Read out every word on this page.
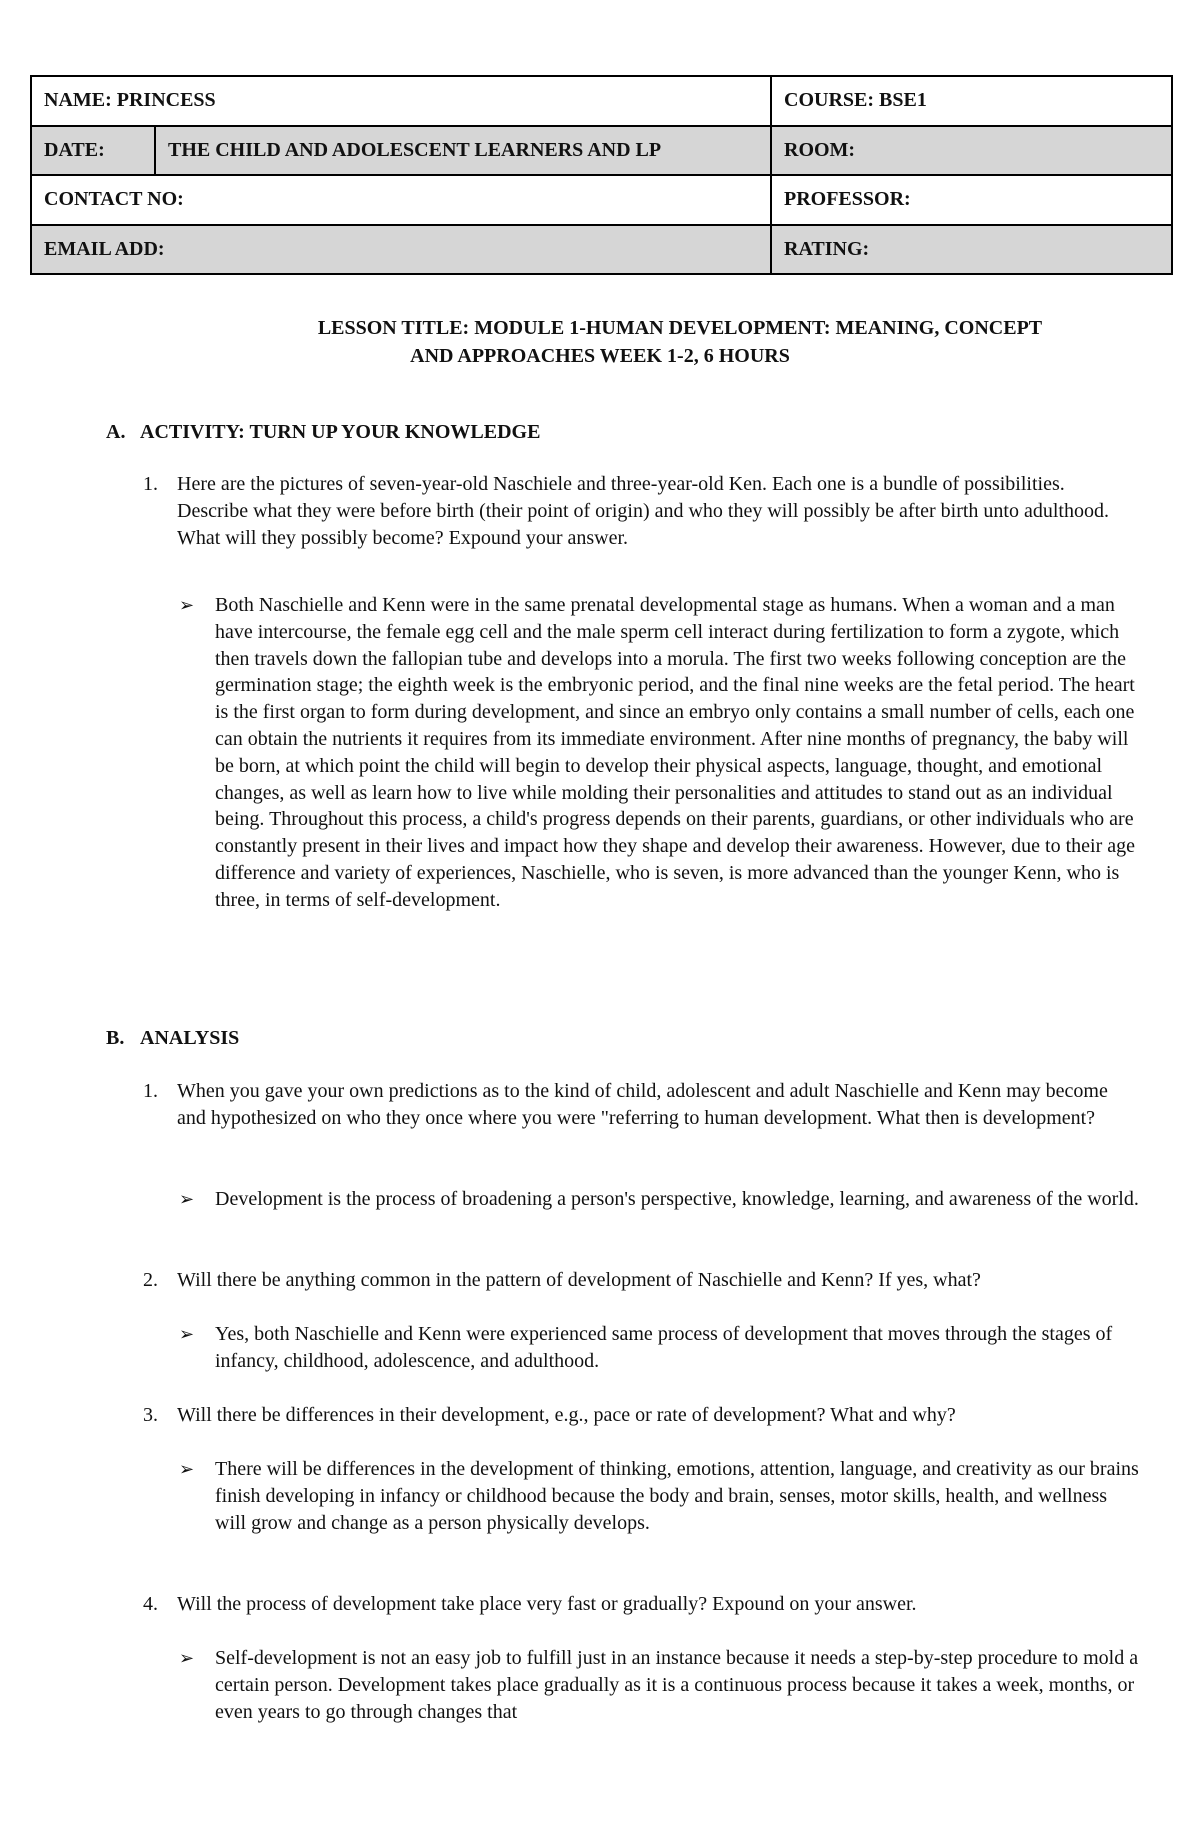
NAME: PRINCESS		COURSE: BSE1
DATE:	THE CHILD AND ADOLESCENT LEARNERS AND LP	ROOM:
CONTACT NO:		PROFESSOR:
EMAIL ADD:		RATING:
LESSON TITLE: MODULE 1-HUMAN DEVELOPMENT: MEANING, CONCEPT
AND APPROACHES WEEK 1-2, 6 HOURS
A. ACTIVITY: TURN UP YOUR KNOWLEDGE
1. Here are the pictures of seven-year-old Naschiele and three-year-old Ken. Each one is a bundle of possibilities. Describe what they were before birth (their point of origin) and who they will possibly be after birth unto adulthood. What will they possibly become? Expound your answer.
➢ Both Naschielle and Kenn were in the same prenatal developmental stage as humans. When a woman and a man have intercourse, the female egg cell and the male sperm cell interact during fertilization to form a zygote, which then travels down the fallopian tube and develops into a morula. The first two weeks following conception are the germination stage; the eighth week is the embryonic period, and the final nine weeks are the fetal period. The heart is the first organ to form during development, and since an embryo only contains a small number of cells, each one can obtain the nutrients it requires from its immediate environment. After nine months of pregnancy, the baby will be born, at which point the child will begin to develop their physical aspects, language, thought, and emotional changes, as well as learn how to live while molding their personalities and attitudes to stand out as an individual being. Throughout this process, a child's progress depends on their parents, guardians, or other individuals who are constantly present in their lives and impact how they shape and develop their awareness. However, due to their age difference and variety of experiences, Naschielle, who is seven, is more advanced than the younger Kenn, who is three, in terms of self-development.
B. ANALYSIS
1. When you gave your own predictions as to the kind of child, adolescent and adult Naschielle and Kenn may become and hypothesized on who they once where you were "referring to human development. What then is development?
➢ Development is the process of broadening a person's perspective, knowledge, learning, and awareness of the world.
2. Will there be anything common in the pattern of development of Naschielle and Kenn? If yes, what?
➢ Yes, both Naschielle and Kenn were experienced same process of development that moves through the stages of infancy, childhood, adolescence, and adulthood.
3. Will there be differences in their development, e.g., pace or rate of development? What and why?
➢ There will be differences in the development of thinking, emotions, attention, language, and creativity as our brains finish developing in infancy or childhood because the body and brain, senses, motor skills, health, and wellness will grow and change as a person physically develops.
4. Will the process of development take place very fast or gradually? Expound on your answer.
➢ Self-development is not an easy job to fulfill just in an instance because it needs a step-by-step procedure to mold a certain person. Development takes place gradually as it is a continuous process because it takes a week, months, or even years to go through changes that
